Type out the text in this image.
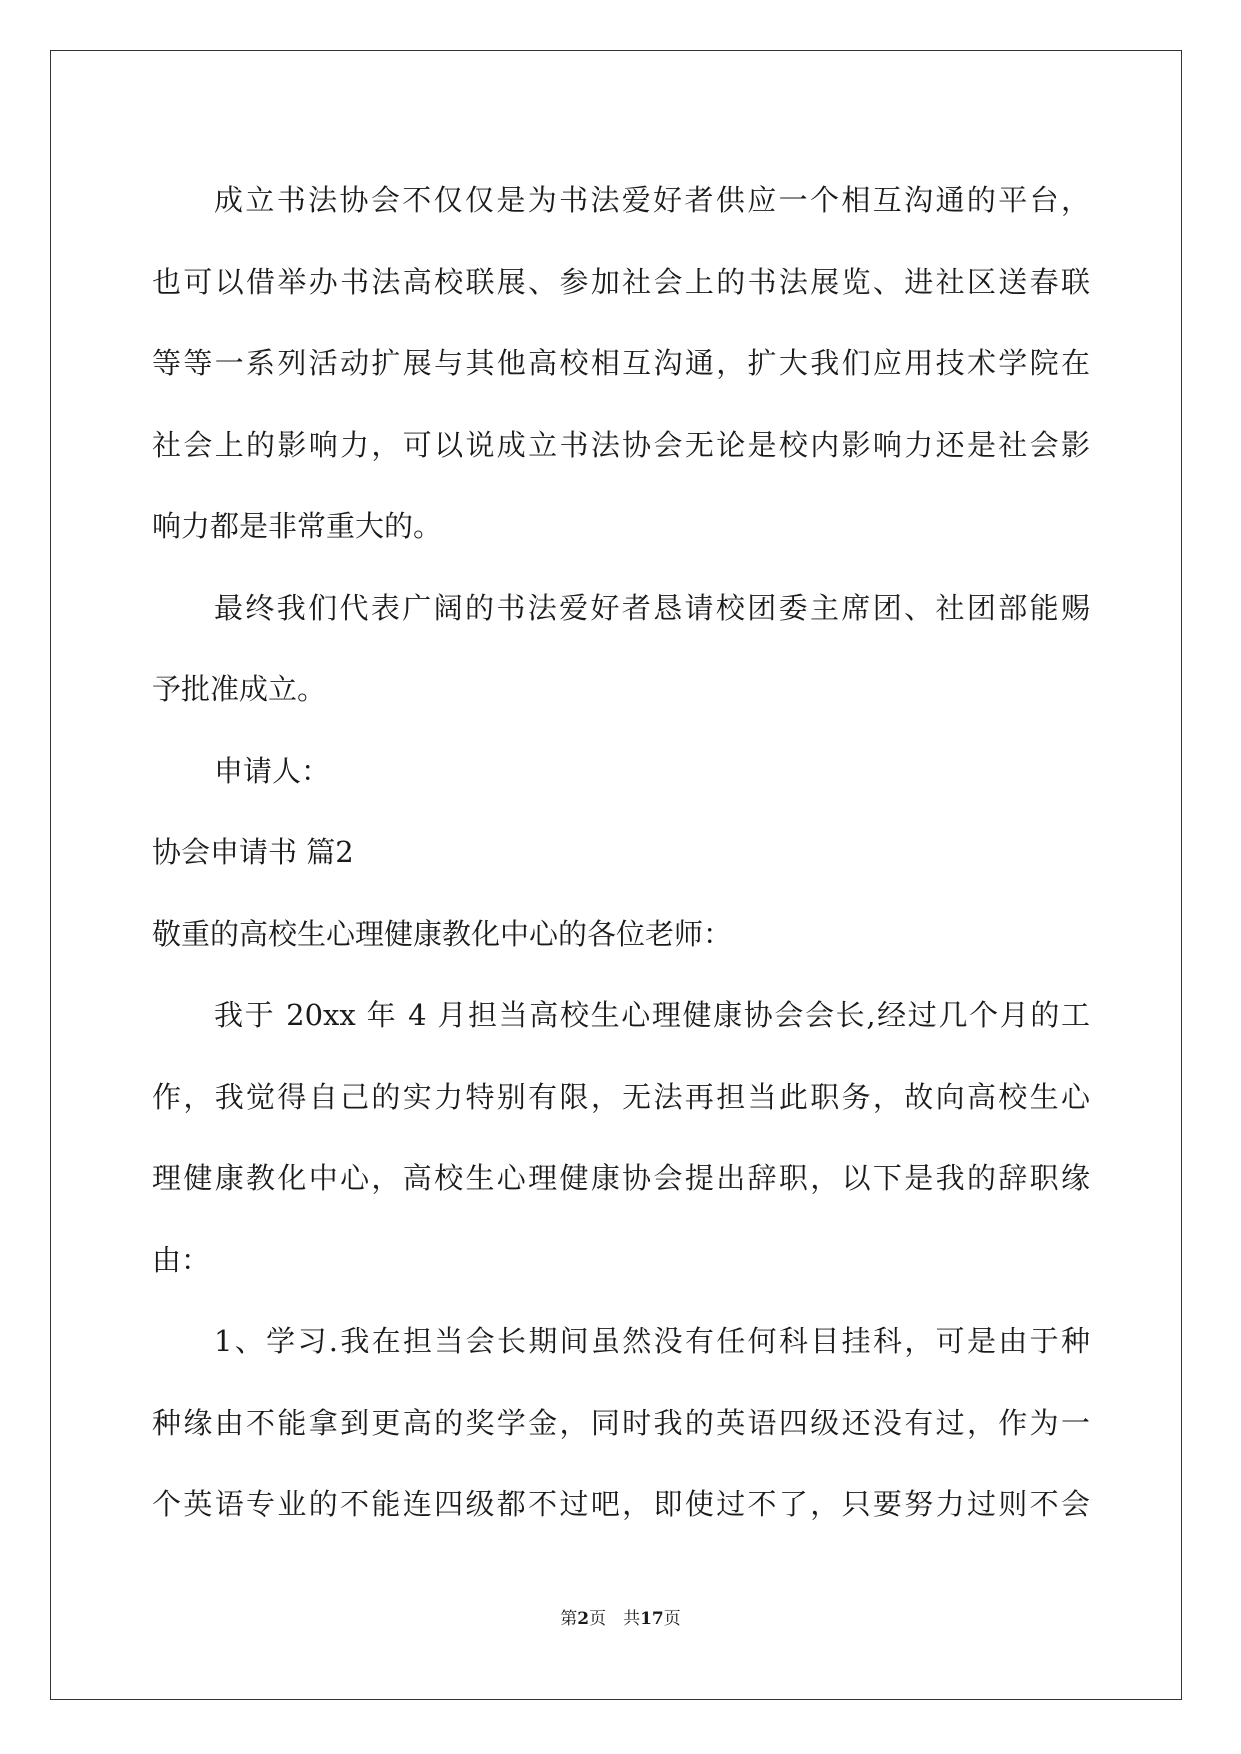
成立书法协会不仅仅是为书法爱好者供应一个相互沟通的平台，
也可以借举办书法高校联展、参加社会上的书法展览、进社区送春联
等等一系列活动扩展与其他高校相互沟通，扩大我们应用技术学院在
社会上的影响力，可以说成立书法协会无论是校内影响力还是社会影
响力都是非常重大的。
最终我们代表广阔的书法爱好者恳请校团委主席团、社团部能赐
予批准成立。
申请人：
协会申请书 篇2
敬重的高校生心理健康教化中心的各位老师：
我于 20xx 年 4 月担当高校生心理健康协会会长,经过几个月的工
作，我觉得自己的实力特别有限，无法再担当此职务，故向高校生心
理健康教化中心，高校生心理健康协会提出辞职，以下是我的辞职缘
由：
1、学习.我在担当会长期间虽然没有任何科目挂科，可是由于种
种缘由不能拿到更高的奖学金，同时我的英语四级还没有过，作为一
个英语专业的不能连四级都不过吧，即使过不了，只要努力过则不会
第2页　共17页
